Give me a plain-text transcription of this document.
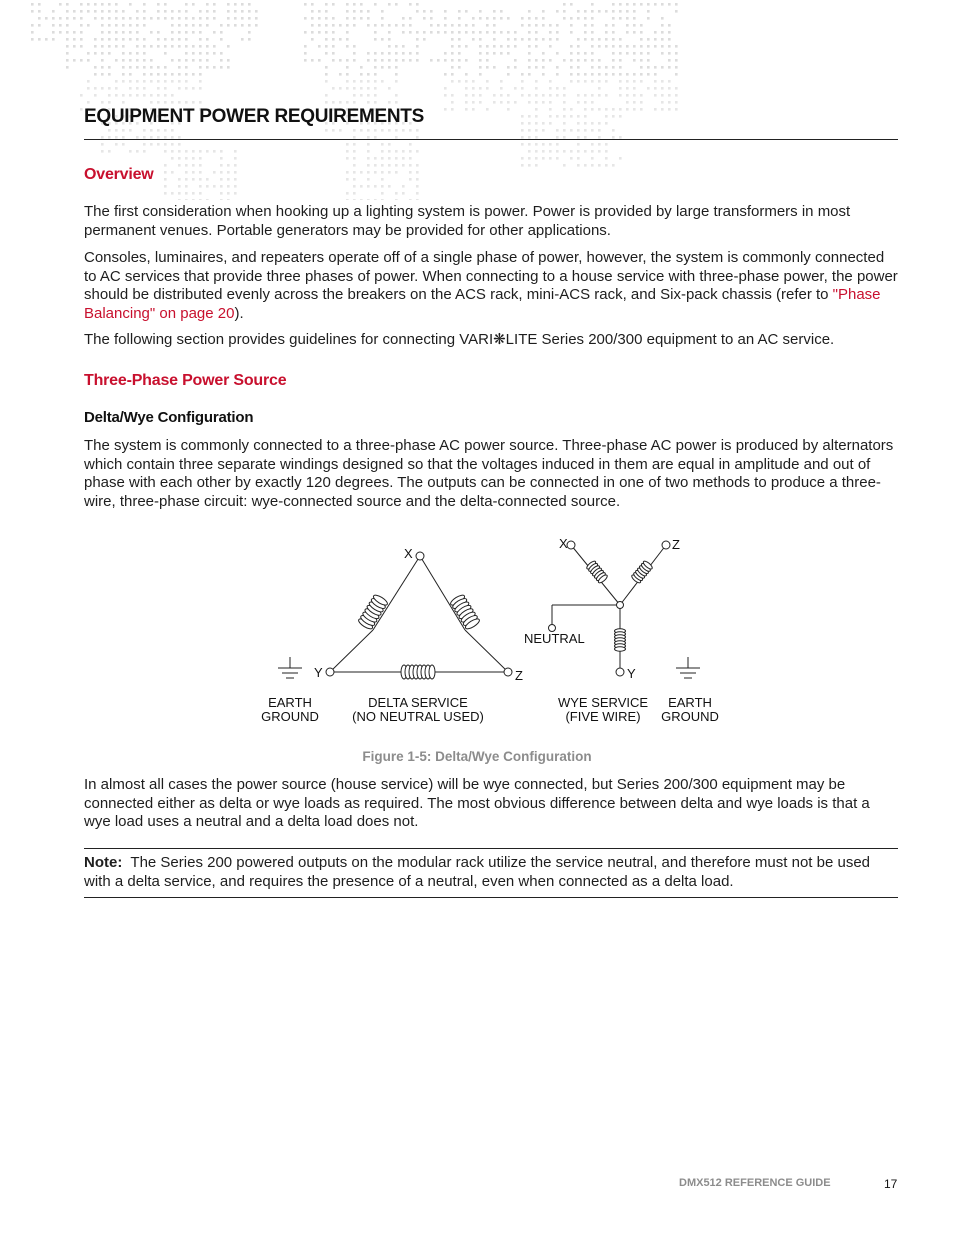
EQUIPMENT POWER REQUIREMENTS
Overview

The first consideration when hooking up a lighting system is power. Power is provided by large transformers in most permanent venues. Portable generators may be provided for other applications.

Consoles, luminaires, and repeaters operate off of a single phase of power, however, the system is commonly connected to AC services that provide three phases of power. When connecting to a house service with three-phase power, the power should be distributed evenly across the breakers on the ACS rack, mini-ACS rack, and Six-pack chassis (refer to "Phase Balancing" on page 20).

The following section provides guidelines for connecting VARI❋LITE Series 200/300 equipment to an AC service.

Three-Phase Power Source
Delta/Wye Configuration

The system is commonly connected to a three-phase AC power source. Three-phase AC power is produced by alternators which contain three separate windings designed so that the voltages induced in them are equal in amplitude and out of phase with each other by exactly 120 degrees. The outputs can be connected in one of two methods to produce a three-wire, three-phase circuit: wye-connected source and the delta-connected source.

X
Y	Z
X	Z
Y
NEUTRAL
EARTH
GROUND
DELTA SERVICE
(NO NEUTRAL USED)
WYE SERVICE
(FIVE WIRE)
EARTH
GROUND

Figure 1-5: Delta/Wye Configuration

In almost all cases the power source (house service) will be wye connected, but Series 200/300 equipment may be connected either as delta or wye loads as required. The most obvious difference between delta and wye loads is that a wye load uses a neutral and a delta load does not.

Note: The Series 200 powered outputs on the modular rack utilize the service neutral, and therefore must not be used with a delta service, and requires the presence of a neutral, even when connected as a delta load.

DMX512 REFERENCE GUIDE	17
